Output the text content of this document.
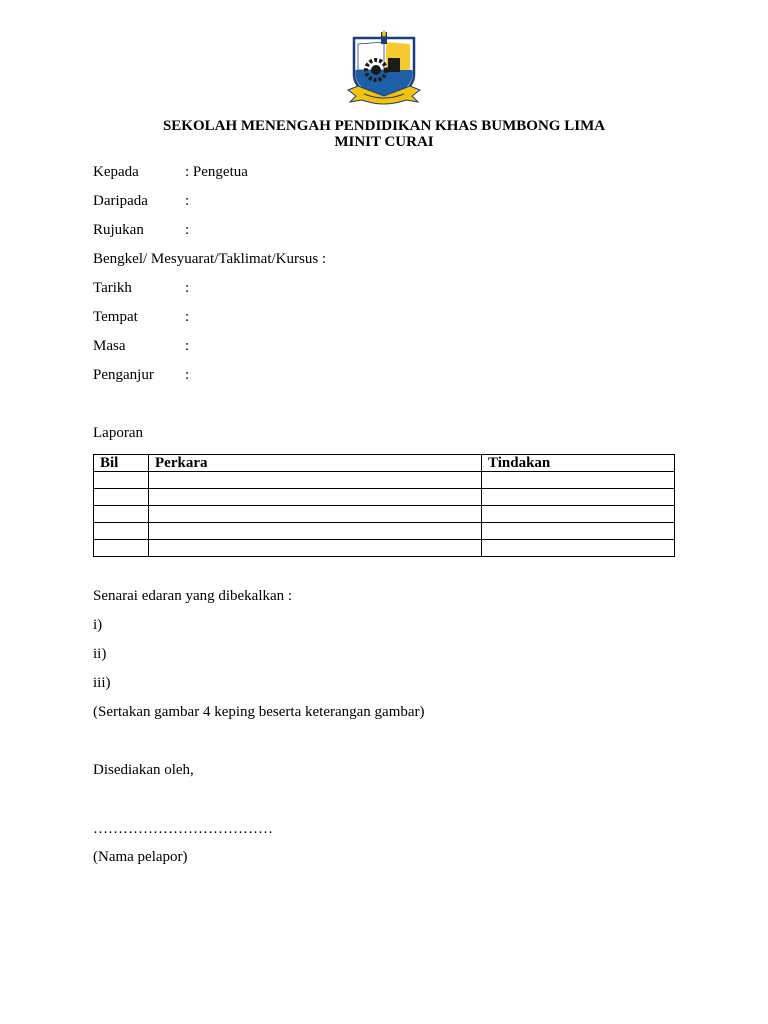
SEKOLAH MENENGAH PENDIDIKAN KHAS BUMBONG LIMA
MINIT CURAI
Kepada	: Pengetua
Daripada :
Rujukan	:
Bengkel/ Mesyuarat/Taklimat/Kursus :
Tarikh	:
Tempat	:
Masa	:
Penganjur :
Laporan
Bil	Perkara	Tindakan

Senarai edaran yang dibekalkan :
i)
ii)
iii)
(Sertakan gambar 4 keping beserta keterangan gambar)
Disediakan oleh,
………………………………
(Nama pelapor)
